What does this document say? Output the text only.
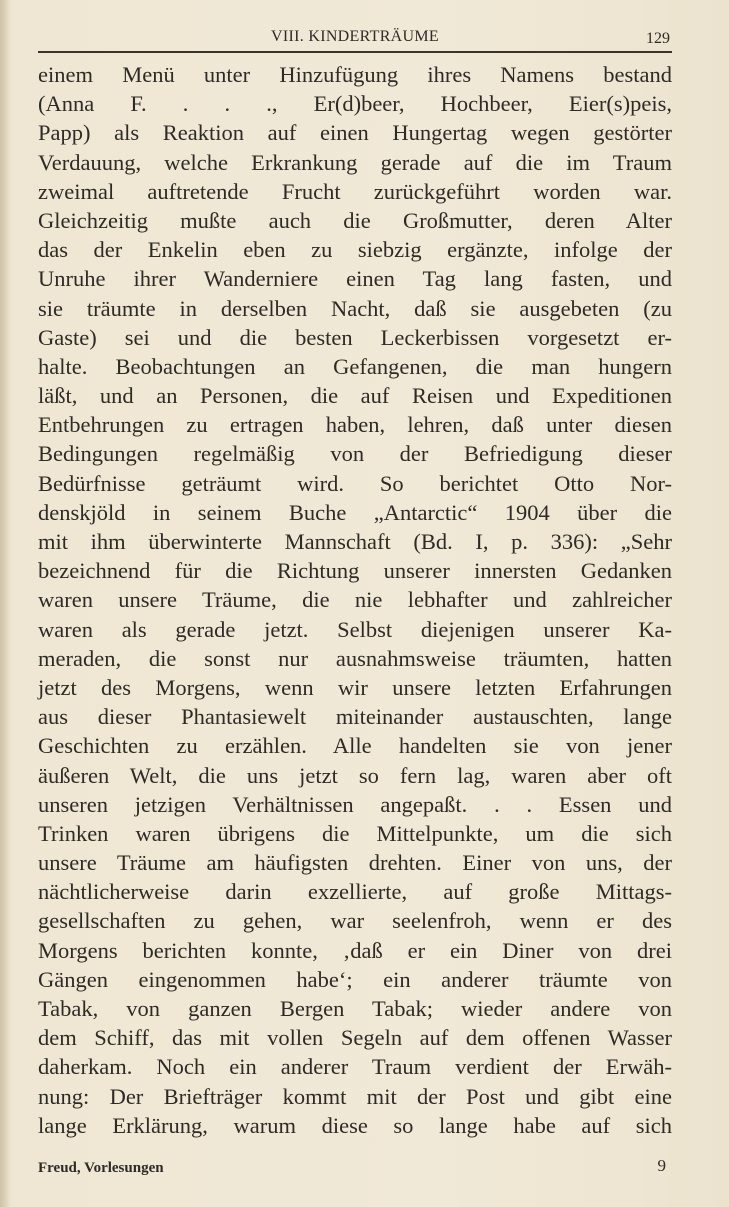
VIII. KINDERTRÄUME	129
einem Menü unter Hinzufügung ihres Namens bestand
(Anna F. . . ., Er(d)beer, Hochbeer, Eier(s)peis,
Papp) als Reaktion auf einen Hungertag wegen gestörter
Verdauung, welche Erkrankung gerade auf die im Traum
zweimal auftretende Frucht zurückgeführt worden war.
Gleichzeitig mußte auch die Großmutter, deren Alter
das der Enkelin eben zu siebzig ergänzte, infolge der
Unruhe ihrer Wanderniere einen Tag lang fasten, und
sie träumte in derselben Nacht, daß sie ausgebeten (zu
Gaste) sei und die besten Leckerbissen vorgesetzt er-
halte. Beobachtungen an Gefangenen, die man hungern
läßt, und an Personen, die auf Reisen und Expeditionen
Entbehrungen zu ertragen haben, lehren, daß unter diesen
Bedingungen regelmäßig von der Befriedigung dieser
Bedürfnisse geträumt wird. So berichtet Otto Nor-
denskjöld in seinem Buche „Antarctic“ 1904 über die
mit ihm überwinterte Mannschaft (Bd. I, p. 336): „Sehr
bezeichnend für die Richtung unserer innersten Gedanken
waren unsere Träume, die nie lebhafter und zahlreicher
waren als gerade jetzt. Selbst diejenigen unserer Ka-
meraden, die sonst nur ausnahmsweise träumten, hatten
jetzt des Morgens, wenn wir unsere letzten Erfahrungen
aus dieser Phantasiewelt miteinander austauschten, lange
Geschichten zu erzählen. Alle handelten sie von jener
äußeren Welt, die uns jetzt so fern lag, waren aber oft
unseren jetzigen Verhältnissen angepaßt. . . Essen und
Trinken waren übrigens die Mittelpunkte, um die sich
unsere Träume am häufigsten drehten. Einer von uns, der
nächtlicherweise darin exzellierte, auf große Mittags-
gesellschaften zu gehen, war seelenfroh, wenn er des
Morgens berichten konnte, ‚daß er ein Diner von drei
Gängen eingenommen habe‘; ein anderer träumte von
Tabak, von ganzen Bergen Tabak; wieder andere von
dem Schiff, das mit vollen Segeln auf dem offenen Wasser
daherkam. Noch ein anderer Traum verdient der Erwäh-
nung: Der Briefträger kommt mit der Post und gibt eine
lange Erklärung, warum diese so lange habe auf sich
Freud, Vorlesungen	9
